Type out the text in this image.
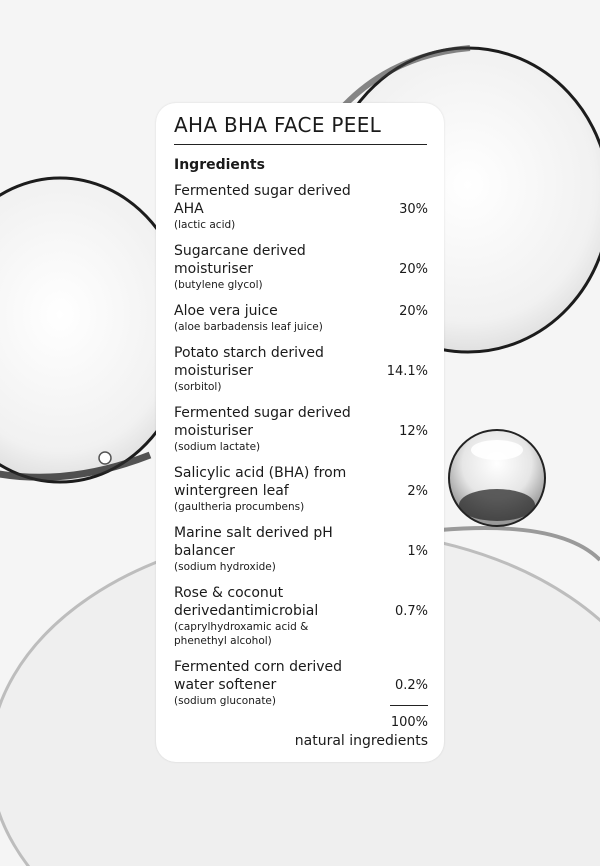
AHA BHA FACE PEEL
Ingredients
Fermented sugar derived AHA
(lactic acid)
30%
Sugarcane derived moisturiser
(butylene glycol)
20%
Aloe vera juice
(aloe barbadensis leaf juice)
20%
Potato starch derived moisturiser
(sorbitol)
14.1%
Fermented sugar derived moisturiser
(sodium lactate)
12%
Salicylic acid (BHA) from wintergreen leaf
(gaultheria procumbens)
2%
Marine salt derived pH balancer
(sodium hydroxide)
1%
Rose & coconut derivedantimicrobial
(caprylhydroxamic acid & phenethyl alcohol)
0.7%
Fermented corn derived water softener
(sodium gluconate)
0.2%
100%
natural ingredients
